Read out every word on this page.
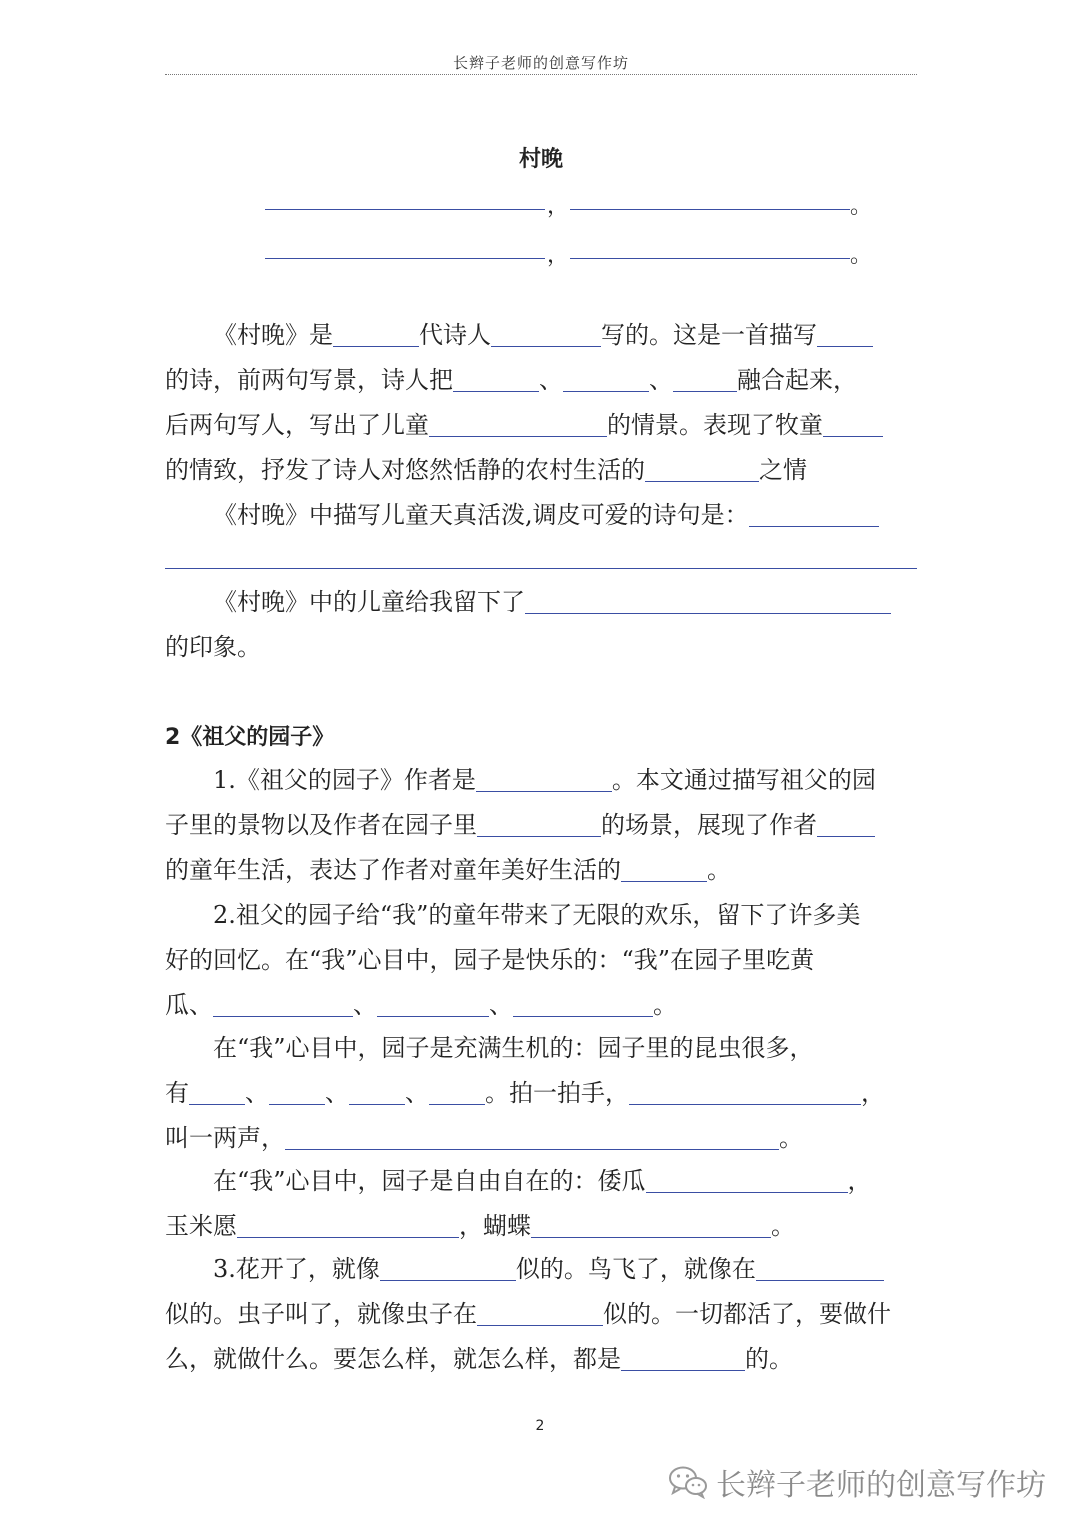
长辫子老师的创意写作坊
村晚
，	。
，	。
《村晚》是	代诗人	写的。这是一首描写
的诗，前两句写景，诗人把	、	、	融合起来，
后两句写人，写出了儿童	的情景。表现了牧童
的情致，抒发了诗人对悠然恬静的农村生活的	之情
《村晚》中描写儿童天真活泼,调皮可爱的诗句是：
《村晚》中的儿童给我留下了
的印象。
2《祖父的园子》
1.《祖父的园子》作者是	。本文通过描写祖父的园
子里的景物以及作者在园子里	的场景，展现了作者
的童年生活，表达了作者对童年美好生活的	。
2.祖父的园子给“我”的童年带来了无限的欢乐，留下了许多美
好的回忆。在“我”心目中，园子是快乐的：“我”在园子里吃黄
瓜、	、	、	。
在“我”心目中，园子是充满生机的：园子里的昆虫很多，
有 、 、 、 。拍一拍手，	，
叫一两声，	。
在“我”心目中，园子是自由自在的：倭瓜	，
玉米愿	，蝴蝶	。
3.花开了，就像	似的。鸟飞了，就像在
似的。虫子叫了，就像虫子在	似的。一切都活了，要做什
么，就做什么。要怎么样，就怎么样，都是	的。
2
长辫子老师的创意写作坊
